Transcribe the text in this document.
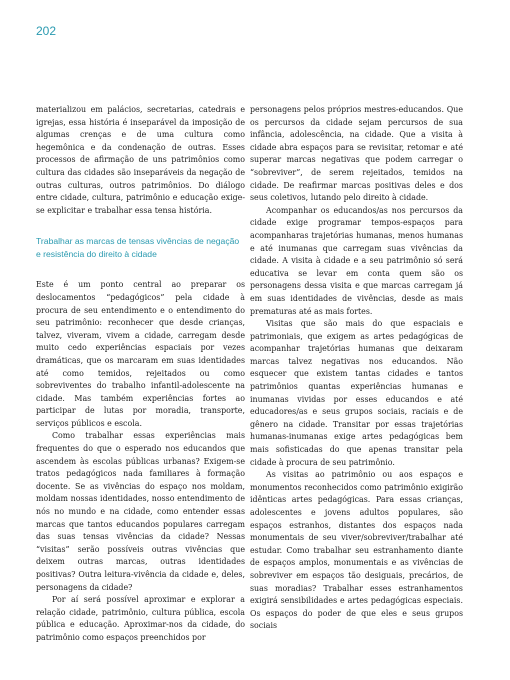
202

materializou em palácios, secretarias, catedrais e igrejas, essa história é inseparável da imposição de algumas crenças e de uma cultura como hegemônica e da condenação de outras. Esses processos de afirmação de uns patrimônios como cultura das cidades são inseparáveis da negação de outras culturas, outros patrimônios. Do diálogo entre cidade, cultura, patrimônio e educação exige-se explicitar e trabalhar essa tensa história.

Trabalhar as marcas de tensas vivências de negação e resistência do direito à cidade

Este é um ponto central ao preparar os deslocamentos “pedagógicos” pela cidade à procura de seu entendimento e o entendimento do seu patrimônio: reconhecer que desde crianças, talvez, viveram, vivem a cidade, carregam desde muito cedo experiências espaciais por vezes dramáticas, que os marcaram em suas identidades até como temidos, rejeitados ou como sobreviventes do trabalho infantil-adolescente na cidade. Mas também experiências fortes ao participar de lutas por moradia, transporte, serviços públicos e escola.

Como trabalhar essas experiências mais frequentes do que o esperado nos educandos que ascendem às escolas públicas urbanas? Exigem-se tratos pedagógicos nada familiares à formação docente. Se as vivências do espaço nos moldam, moldam nossas identidades, nosso entendimento de nós no mundo e na cidade, como entender essas marcas que tantos educandos populares carregam das suas tensas vivências da cidade? Nessas “visitas” serão possíveis outras vivências que deixem outras marcas, outras identidades positivas? Outra leitura-vivência da cidade e, deles, personagens da cidade?

Por aí será possível aproximar e explorar a relação cidade, patrimônio, cultura pública, escola pública e educação. Aproximar-nos da cidade, do patrimônio como espaços preenchidos por

personagens pelos próprios mestres-educandos. Que os percursos da cidade sejam percursos de sua infância, adolescência, na cidade. Que a visita à cidade abra espaços para se revisitar, retomar e até superar marcas negativas que podem carregar o “sobreviver”, de serem rejeitados, temidos na cidade. De reafirmar marcas positivas deles e dos seus coletivos, lutando pelo direito à cidade.

Acompanhar os educandos/as nos percursos da cidade exige programar tempos-espaços para acompanharas trajetórias humanas, menos humanas e até inumanas que carregam suas vivências da cidade. A visita à cidade e a seu patrimônio só será educativa se levar em conta quem são os personagens dessa visita e que marcas carregam já em suas identidades de vivências, desde as mais prematuras até as mais fortes.

Visitas que são mais do que espaciais e patrimoniais, que exigem as artes pedagógicas de acompanhar trajetórias humanas que deixaram marcas talvez negativas nos educandos. Não esquecer que existem tantas cidades e tantos patrimônios quantas experiências humanas e inumanas vividas por esses educandos e até educadores/as e seus grupos sociais, raciais e de gênero na cidade. Transitar por essas trajetórias humanas-inumanas exige artes pedagógicas bem mais sofisticadas do que apenas transitar pela cidade à procura de seu patrimônio.

As visitas ao patrimônio ou aos espaços e monumentos reconhecidos como patrimônio exigirão idênticas artes pedagógicas. Para essas crianças, adolescentes e jovens adultos populares, são espaços estranhos, distantes dos espaços nada monumentais de seu viver/sobreviver/trabalhar até estudar. Como trabalhar seu estranhamento diante de espaços amplos, monumentais e as vivências de sobreviver em espaços tão desiguais, precários, de suas moradias? Trabalhar esses estranhamentos exigirá sensibilidades e artes pedagógicas especiais. Os espaços do poder de que eles e seus grupos sociais
